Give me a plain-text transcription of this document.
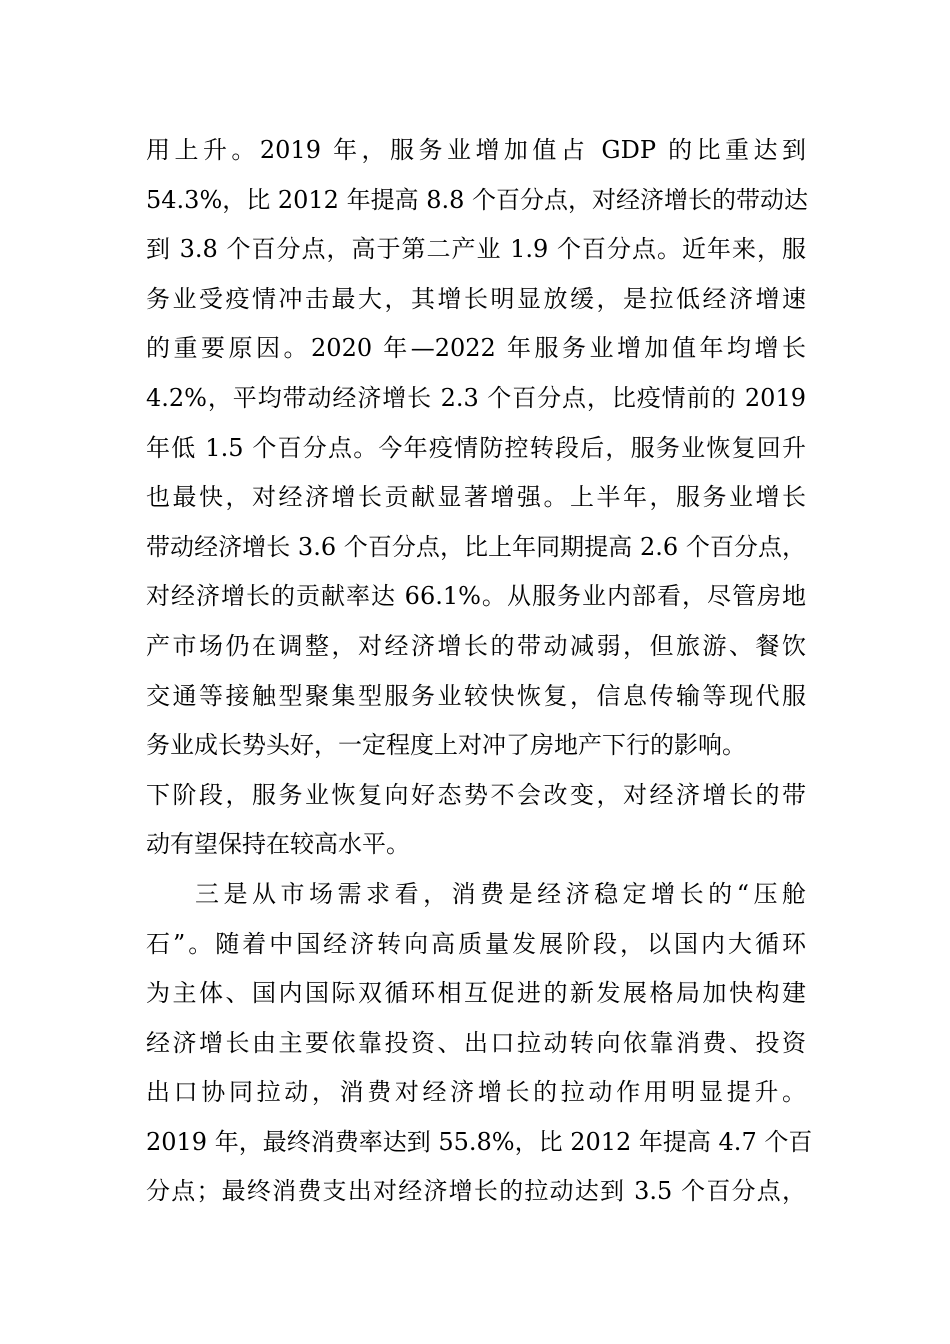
用上升。2019 年，服务业增加值占 GDP 的比重达到
54.3%，比 2012 年提高 8.8 个百分点，对经济增长的带动达
到 3.8 个百分点，高于第二产业 1.9 个百分点。近年来，服
务业受疫情冲击最大，其增长明显放缓，是拉低经济增速
的重要原因。2020 年—2022 年服务业增加值年均增长
4.2%，平均带动经济增长 2.3 个百分点，比疫情前的 2019
年低 1.5 个百分点。今年疫情防控转段后，服务业恢复回升
也最快，对经济增长贡献显著增强。上半年，服务业增长
带动经济增长 3.6 个百分点，比上年同期提高 2.6 个百分点，
对经济增长的贡献率达 66.1%。从服务业内部看，尽管房地
产市场仍在调整，对经济增长的带动减弱，但旅游、餐饮
交通等接触型聚集型服务业较快恢复，信息传输等现代服
务业成长势头好，一定程度上对冲了房地产下行的影响。
下阶段，服务业恢复向好态势不会改变，对经济增长的带
动有望保持在较高水平。
三是从市场需求看，消费是经济稳定增长的“压舱
石”。随着中国经济转向高质量发展阶段，以国内大循环
为主体、国内国际双循环相互促进的新发展格局加快构建
经济增长由主要依靠投资、出口拉动转向依靠消费、投资
出口协同拉动，消费对经济增长的拉动作用明显提升。
2019 年，最终消费率达到 55.8%，比 2012 年提高 4.7 个百
分点；最终消费支出对经济增长的拉动达到 3.5 个百分点，
